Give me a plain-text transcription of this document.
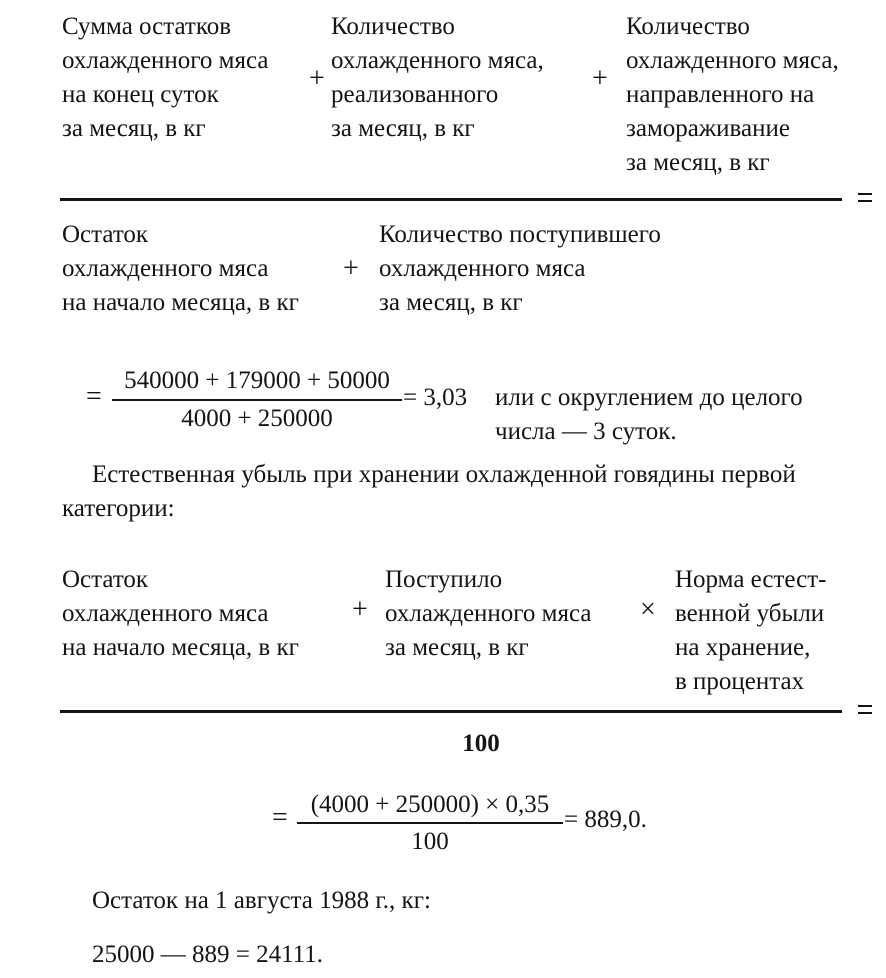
Сумма остатков
охлажденного мяса
на конец суток
за месяц, в кг
+
Количество
охлажденного мяса,
реализованного
за месяц, в кг
+
Количество
охлажденного мяса,
направленного на
замораживание
за месяц, в кг
Остаток
охлажденного мяса
на начало месяца, в кг
+
Количество поступившего
охлажденного мяса
за месяц, в кг
=
540000 + 179000 + 50000
4000 + 250000
= 3,03 или с округлением до целого
числа — 3 суток.
Естественная убыль при хранении охлажденной говядины первой категории:
Остаток
охлажденного мяса
на начало месяца, в кг
+
Поступило
охлажденного мяса
за месяц, в кг
×
Норма естест-
венной убыли
на хранение,
в процентах
100
= (4000 + 250000) × 0,35
100
= 889,0.
Остаток на 1 августа 1988 г., кг:
25000 — 889 = 24111.
